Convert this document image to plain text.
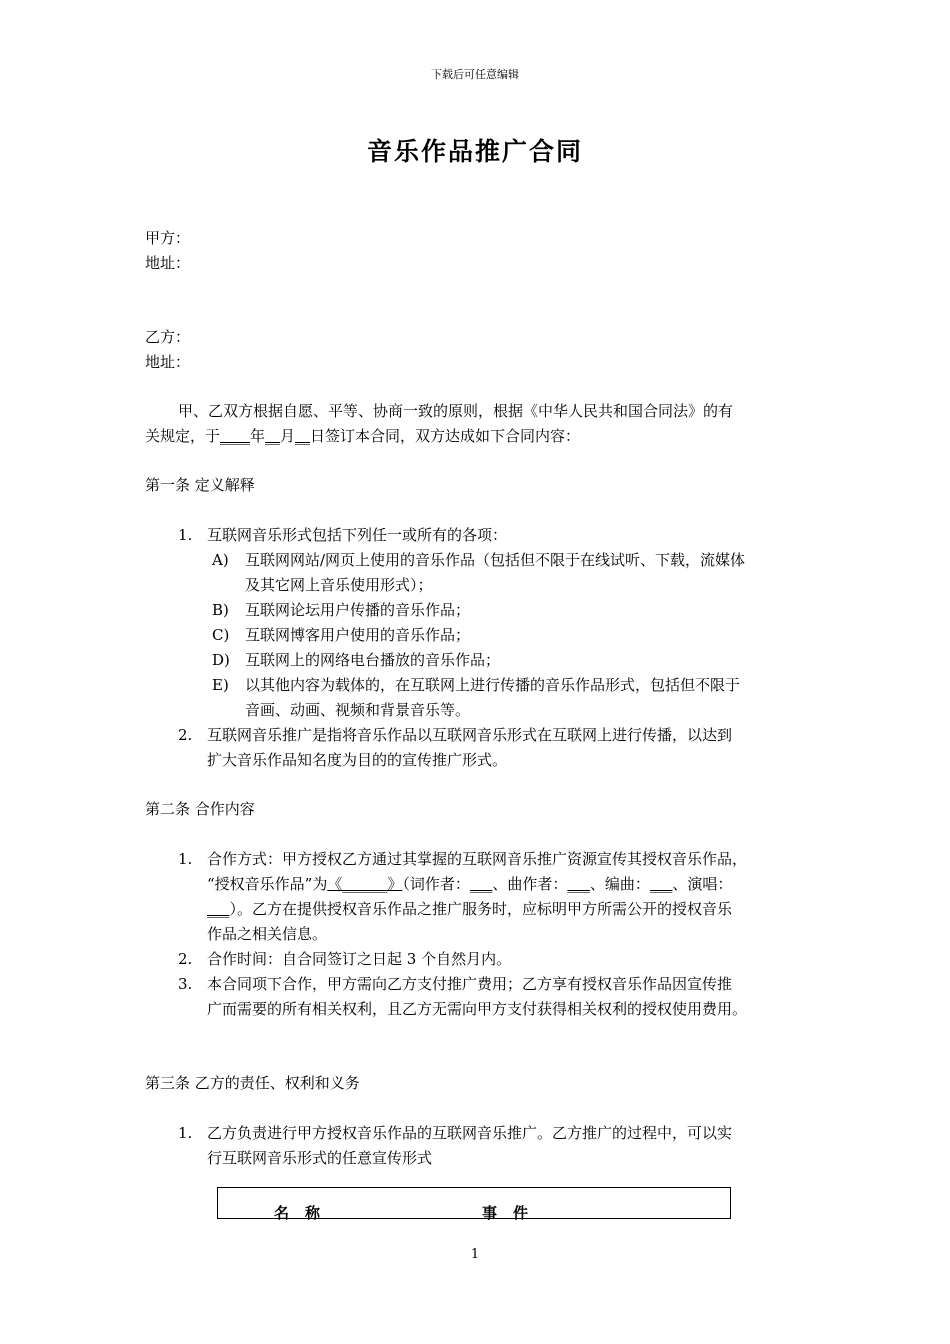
下载后可任意编辑
音乐作品推广合同
甲方：
地址：
乙方：
地址：
甲、乙双方根据自愿、平等、协商一致的原则，根据《中华人民共和国合同法》的有
关规定，于____年__月__日签订本合同，双方达成如下合同内容：
第一条 定义解释
1. 互联网音乐形式包括下列任一或所有的各项：
A) 互联网网站/网页上使用的音乐作品（包括但不限于在线试听、下载，流媒体
及其它网上音乐使用形式）；
B) 互联网论坛用户传播的音乐作品；
C) 互联网博客用户使用的音乐作品；
D) 互联网上的网络电台播放的音乐作品；
E) 以其他内容为载体的，在互联网上进行传播的音乐作品形式，包括但不限于
音画、动画、视频和背景音乐等。
2. 互联网音乐推广是指将音乐作品以互联网音乐形式在互联网上进行传播，以达到
扩大音乐作品知名度为目的的宣传推广形式。
第二条 合作内容
1. 合作方式：甲方授权乙方通过其掌握的互联网音乐推广资源宣传其授权音乐作品，
“授权音乐作品”为《______》（词作者：___、曲作者：___、编曲：___、演唱：
___）。乙方在提供授权音乐作品之推广服务时，应标明甲方所需公开的授权音乐
作品之相关信息。
2. 合作时间：自合同签订之日起 3 个自然月内。
3. 本合同项下合作，甲方需向乙方支付推广费用；乙方享有授权音乐作品因宣传推
广而需要的所有相关权利，且乙方无需向甲方支付获得相关权利的授权使用费用。
第三条 乙方的责任、权利和义务
1. 乙方负责进行甲方授权音乐作品的互联网音乐推广。乙方推广的过程中，可以实
行互联网音乐形式的任意宣传形式
名称	事件
1
